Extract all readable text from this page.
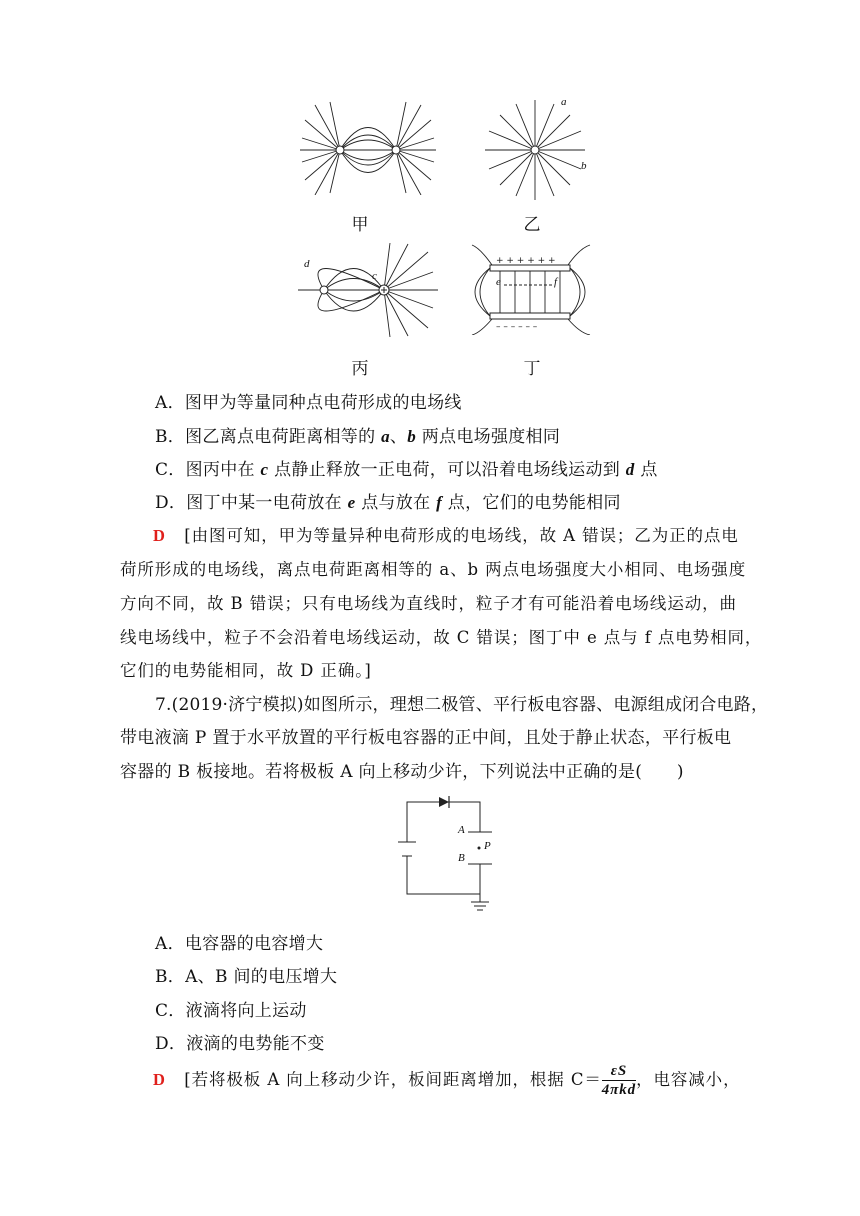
甲
a
b
乙
d
c
丙
+ + + + + +
– – – – – –
e	f
丁
A．图甲为等量同种点电荷形成的电场线
B．图乙离点电荷距离相等的 a、b 两点电场强度相同
C．图丙中在 c 点静止释放一正电荷，可以沿着电场线运动到 d 点
D．图丁中某一电荷放在 e 点与放在 f 点，它们的电势能相同
D [由图可知，甲为等量异种电荷形成的电场线，故 A 错误；乙为正的点电
荷所形成的电场线，离点电荷距离相等的 a、b 两点电场强度大小相同、电场强度
方向不同，故 B 错误；只有电场线为直线时，粒子才有可能沿着电场线运动，曲
线电场线中，粒子不会沿着电场线运动，故 C 错误；图丁中 e 点与 f 点电势相同，
它们的电势能相同，故 D 正确。]
7.(2019·济宁模拟)如图所示，理想二极管、平行板电容器、电源组成闭合电路，
带电液滴 P 置于水平放置的平行板电容器的正中间，且处于静止状态，平行板电
容器的 B 板接地。若将极板 A 向上移动少许，下列说法中正确的是(　　)
A
B
P
A．电容器的电容增大
B．A、B 间的电压增大
C．液滴将向上运动
D．液滴的电势能不变
D [若将极板 A 向上移动少许，板间距离增加，根据 $C= \frac{\varepsilon S}{\text{4πkd}}$ ，电容减小，
